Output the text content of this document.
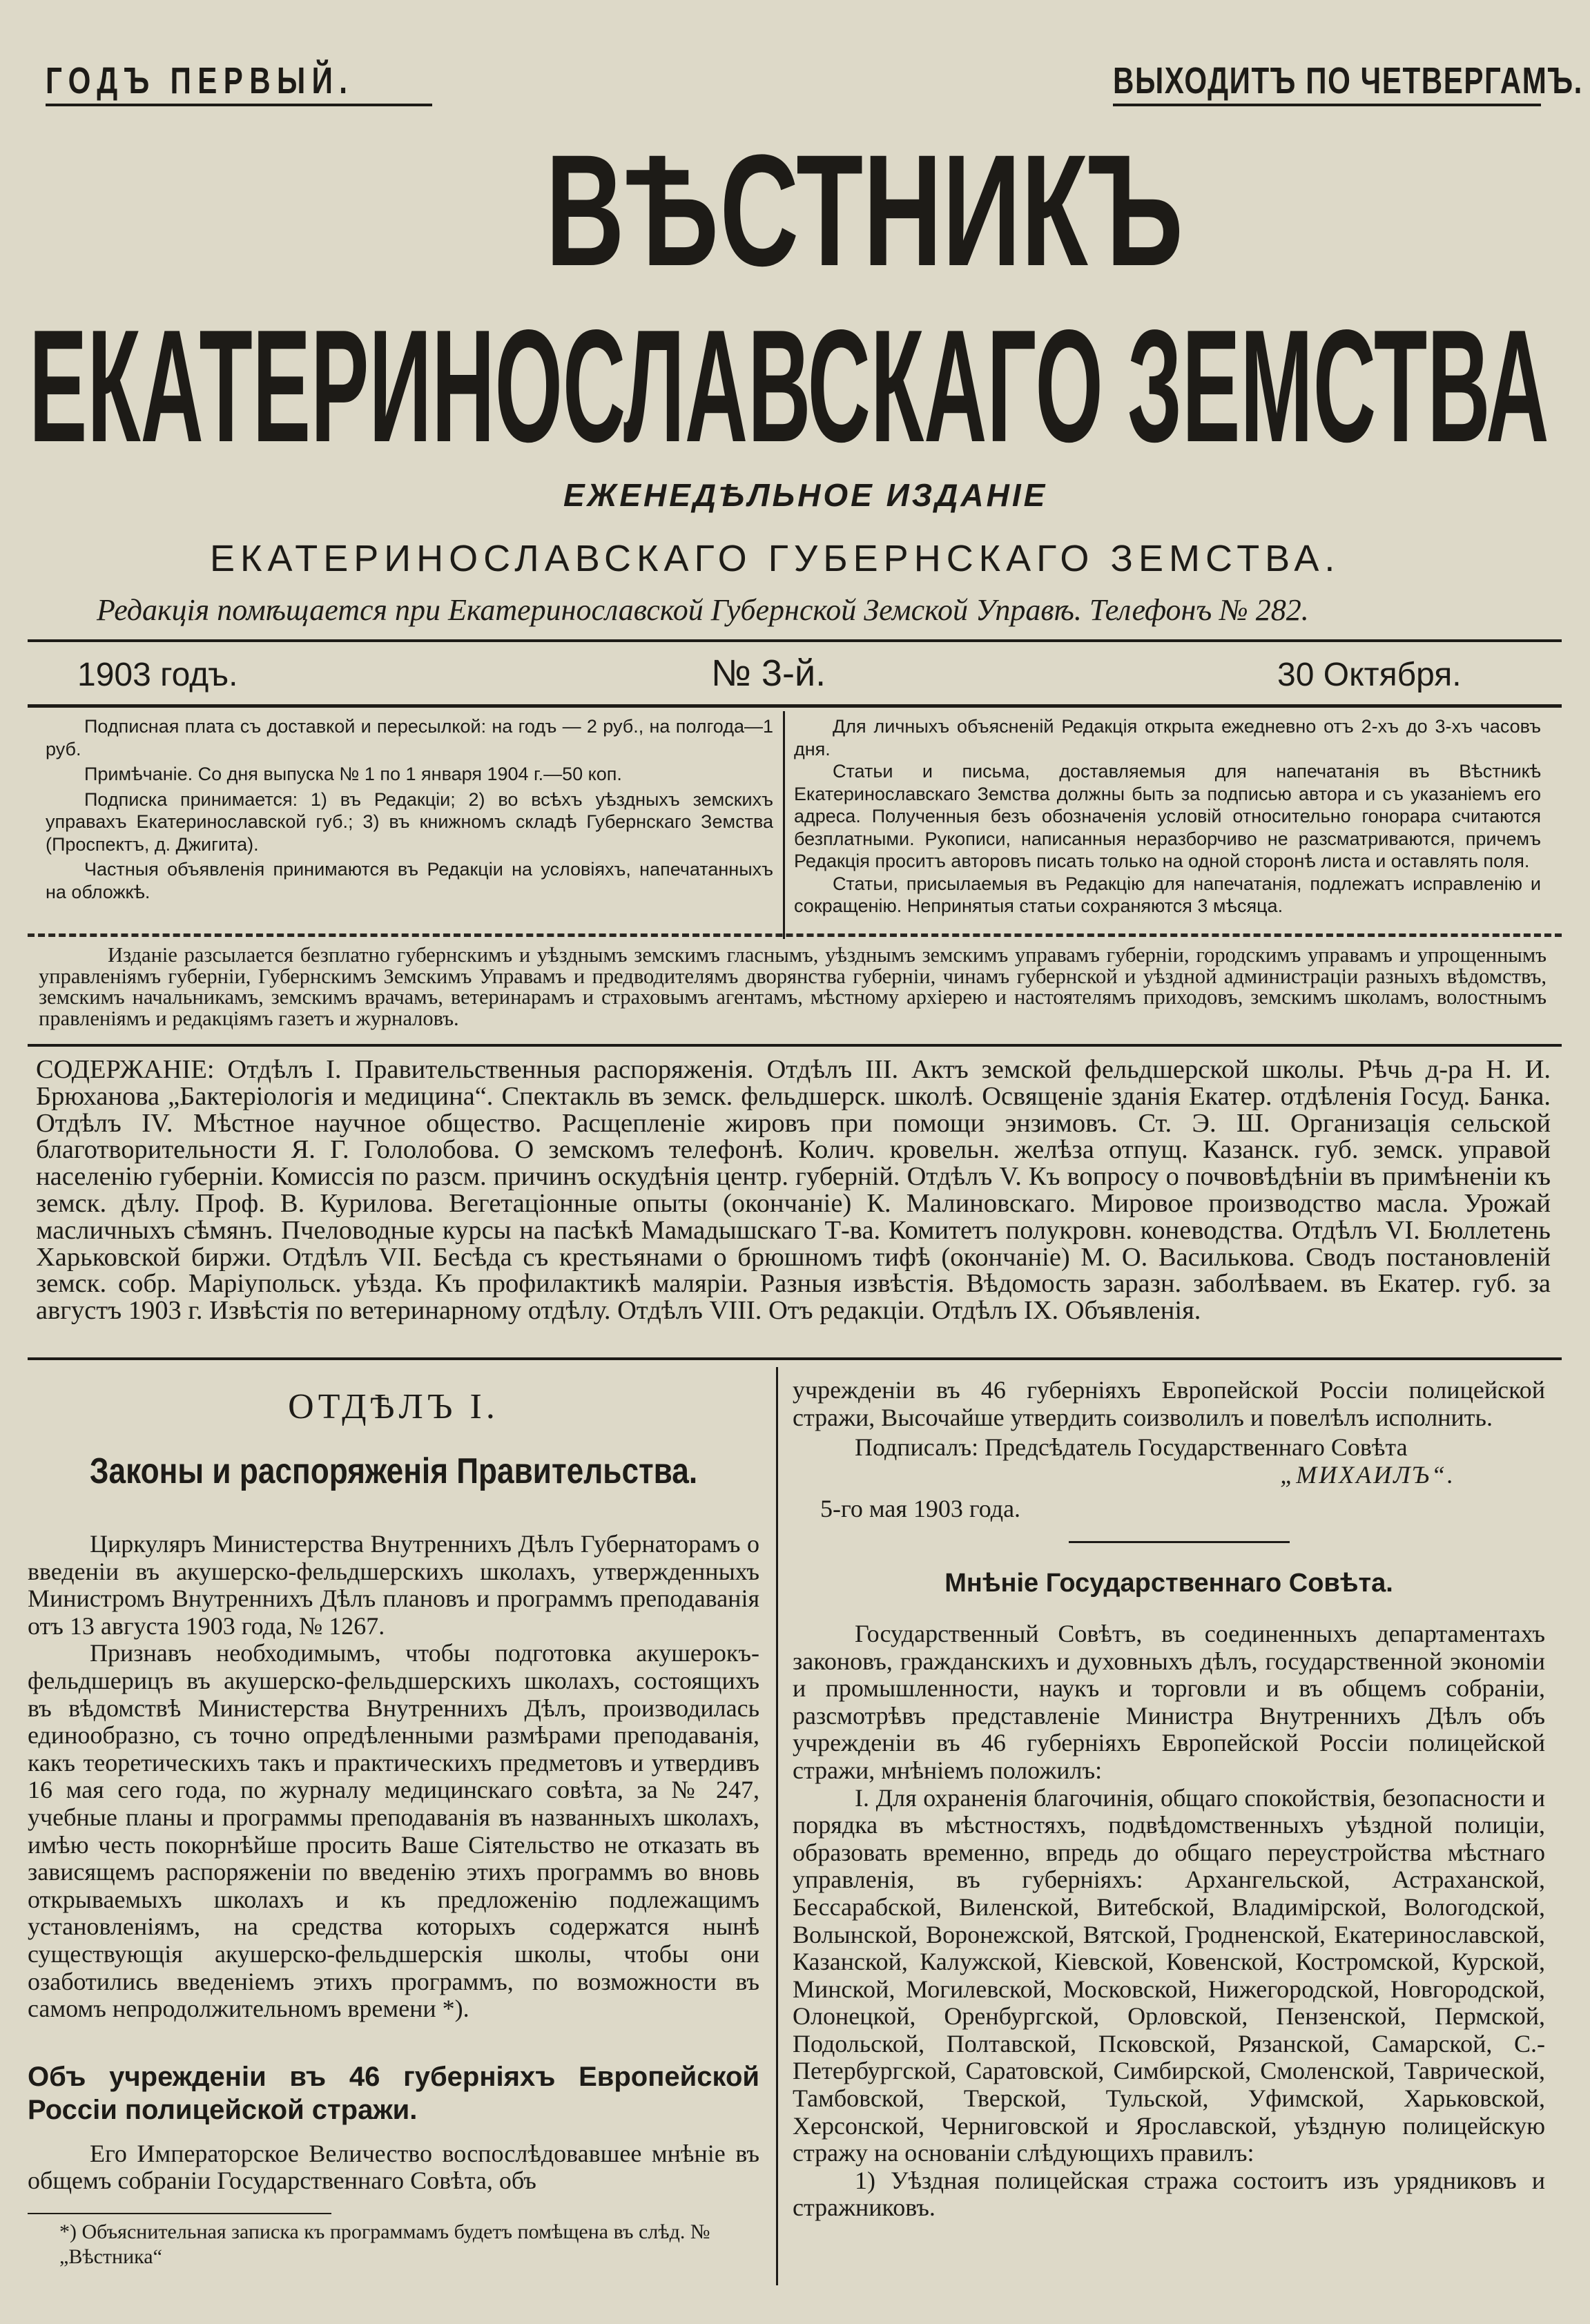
ГОДЪ ПЕРВЫЙ.	ВЫХОДИТЪ ПО ЧЕТВЕРГАМЪ.
ВѢСТНИКЪ
ЕКАТЕРИНОСЛАВСКАГО ЗЕМСТВА
ЕЖЕНЕДѢЛЬНОЕ ИЗДАНІЕ
ЕКАТЕРИНОСЛАВСКАГО ГУБЕРНСКАГО ЗЕМСТВА.
Редакція помѣщается при Екатеринославской Губернской Земской Управѣ. Телефонъ № 282.
1903 годъ.	№ 3-й.	30 Октября.

Подписная плата съ доставкой и пересылкой: на годъ — 2 руб., на полгода—1 руб.

Примѣчаніе. Со дня выпуска № 1 по 1 января 1904 г.—50 коп.

Подписка принимается: 1) въ Редакціи; 2) во всѣхъ уѣздныхъ земскихъ управахъ Екатеринославской губ.; 3) въ книжномъ складѣ Губернскаго Земства (Проспектъ, д. Джигита).

Частныя объявленія принимаются въ Редакціи на условіяхъ, напечатанныхъ на обложкѣ.

Для личныхъ объясненій Редакція открыта ежедневно отъ 2-хъ до 3-хъ часовъ дня.

Статьи и письма, доставляемыя для напечатанія въ Вѣстникѣ Екатеринославскаго Земства должны быть за подписью автора и съ указаніемъ его адреса. Полученныя безъ обозначенія условій относительно гонорара считаются безплатными. Рукописи, написанныя неразборчиво не разсматриваются, причемъ Редакція проситъ авторовъ писать только на одной сторонѣ листа и оставлять поля.

Статьи, присылаемыя въ Редакцію для напечатанія, подлежатъ исправленію и сокращенію. Непринятыя статьи сохраняются 3 мѣсяца.

Изданіе разсылается безплатно губернскимъ и уѣзднымъ земскимъ гласнымъ, уѣзднымъ земскимъ управамъ губерніи, городскимъ управамъ и упрощеннымъ управленіямъ губерніи, Губернскимъ Земскимъ Управамъ и предводителямъ дворянства губерніи, чинамъ губернской и уѣздной администраціи разныхъ вѣдомствъ, земскимъ начальникамъ, земскимъ врачамъ, ветеринарамъ и страховымъ агентамъ, мѣстному архіерею и настоятелямъ приходовъ, земскимъ школамъ, волостнымъ правленіямъ и редакціямъ газетъ и журналовъ.
СОДЕРЖАНІЕ: Отдѣлъ I. Правительственныя распоряженія. Отдѣлъ III. Актъ земской фельдшерской школы. Рѣчь д-ра Н. И. Брюханова „Бактеріологія и медицина“. Спектакль въ земск. фельдшерск. школѣ. Освященіе зданія Екатер. отдѣленія Госуд. Банка. Отдѣлъ IV. Мѣстное научное общество. Расщепленіе жировъ при помощи энзимовъ. Ст. Э. Ш. Организація сельской благотворительности Я. Г. Гололобова. О земскомъ телефонѣ. Колич. кровельн. желѣза отпущ. Казанск. губ. земск. управой населенію губерніи. Комиссія по разсм. причинъ оскудѣнія центр. губерній. Отдѣлъ V. Къ вопросу о почвовѣдѣніи въ примѣненіи къ земск. дѣлу. Проф. В. Курилова. Вегетаціонные опыты (окончаніе) К. Малиновскаго. Мировое производство масла. Урожай масличныхъ сѣмянъ. Пчеловодные курсы на пасѣкѣ Мамадышскаго Т-ва. Комитетъ полукровн. коневодства. Отдѣлъ VI. Бюллетень Харьковской биржи. Отдѣлъ VII. Бесѣда съ крестьянами о брюшномъ тифѣ (окончаніе) М. О. Василькова. Сводъ постановленій земск. собр. Маріупольск. уѣзда. Къ профилактикѣ маляріи. Разныя извѣстія. Вѣдомость заразн. заболѣваем. въ Екатер. губ. за августъ 1903 г. Извѣстія по ветеринарному отдѣлу. Отдѣлъ VIII. Отъ редакціи. Отдѣлъ IX. Объявленія.
ОТДѢЛЪ I.
Законы и распоряженія Правительства.

Циркуляръ Министерства Внутреннихъ Дѣлъ Губернаторамъ о введеніи въ акушерско-фельдшерскихъ школахъ, утвержденныхъ Министромъ Внутреннихъ Дѣлъ плановъ и программъ преподаванія отъ 13 августа 1903 года, № 1267.

Признавъ необходимымъ, чтобы подготовка акушерокъ-фельдшерицъ въ акушерско-фельдшерскихъ школахъ, состоящихъ въ вѣдомствѣ Министерства Внутреннихъ Дѣлъ, производилась единообразно, съ точно опредѣленными размѣрами преподаванія, какъ теоретическихъ такъ и практическихъ предметовъ и утвердивъ 16 мая сего года, по журналу медицинскаго совѣта, за № 247, учебные планы и программы преподаванія въ названныхъ школахъ, имѣю честь покорнѣйше просить Ваше Сіятельство не отказать въ зависящемъ распоряженіи по введенію этихъ программъ во вновь открываемыхъ школахъ и къ предложенію подлежащимъ установленіямъ, на средства которыхъ содержатся нынѣ существующія акушерско-фельдшерскія школы, чтобы они озаботились введеніемъ этихъ программъ, по возможности въ самомъ непродолжительномъ времени *).

Объ учрежденіи въ 46 губерніяхъ Европейской Россіи полицейской стражи.

Его Императорское Величество воспослѣдовавшее мнѣніе въ общемъ собраніи Государственнаго Совѣта, объ

*) Объяснительная записка къ программамъ будетъ помѣщена въ слѣд. № „Вѣстника“

учрежденіи въ 46 губерніяхъ Европейской Россіи полицейской стражи, Высочайше утвердить соизволилъ и повелѣлъ исполнить.

Подписалъ: Предсѣдатель Государственнаго Совѣта

„МИХАИЛЪ“.

5-го мая 1903 года.

Мнѣніе Государственнаго Совѣта.

Государственный Совѣтъ, въ соединенныхъ департаментахъ законовъ, гражданскихъ и духовныхъ дѣлъ, государственной экономіи и промышленности, наукъ и торговли и въ общемъ собраніи, разсмотрѣвъ представленіе Министра Внутреннихъ Дѣлъ объ учрежденіи въ 46 губерніяхъ Европейской Россіи полицейской стражи, мнѣніемъ положилъ:

I. Для охраненія благочинія, общаго спокойствія, безопасности и порядка въ мѣстностяхъ, подвѣдомственныхъ уѣздной полиціи, образовать временно, впредь до общаго переустройства мѣстнаго управленія, въ губерніяхъ: Архангельской, Астраханской, Бессарабской, Виленской, Витебской, Владимірской, Вологодской, Волынской, Воронежской, Вятской, Гродненской, Екатеринославской, Казанской, Калужской, Кіевской, Ковенской, Костромской, Курской, Минской, Могилевской, Московской, Нижегородской, Новгородской, Олонецкой, Оренбургской, Орловской, Пензенской, Пермской, Подольской, Полтавской, Псковской, Рязанской, Самарской, С.-Петербургской, Саратовской, Симбирской, Смоленской, Таврической, Тамбовской, Тверской, Тульской, Уфимской, Харьковской, Херсонской, Черниговской и Ярославской, уѣздную полицейскую стражу на основаніи слѣдующихъ правилъ:

1) Уѣздная полицейская стража состоитъ изъ урядниковъ и стражниковъ.
